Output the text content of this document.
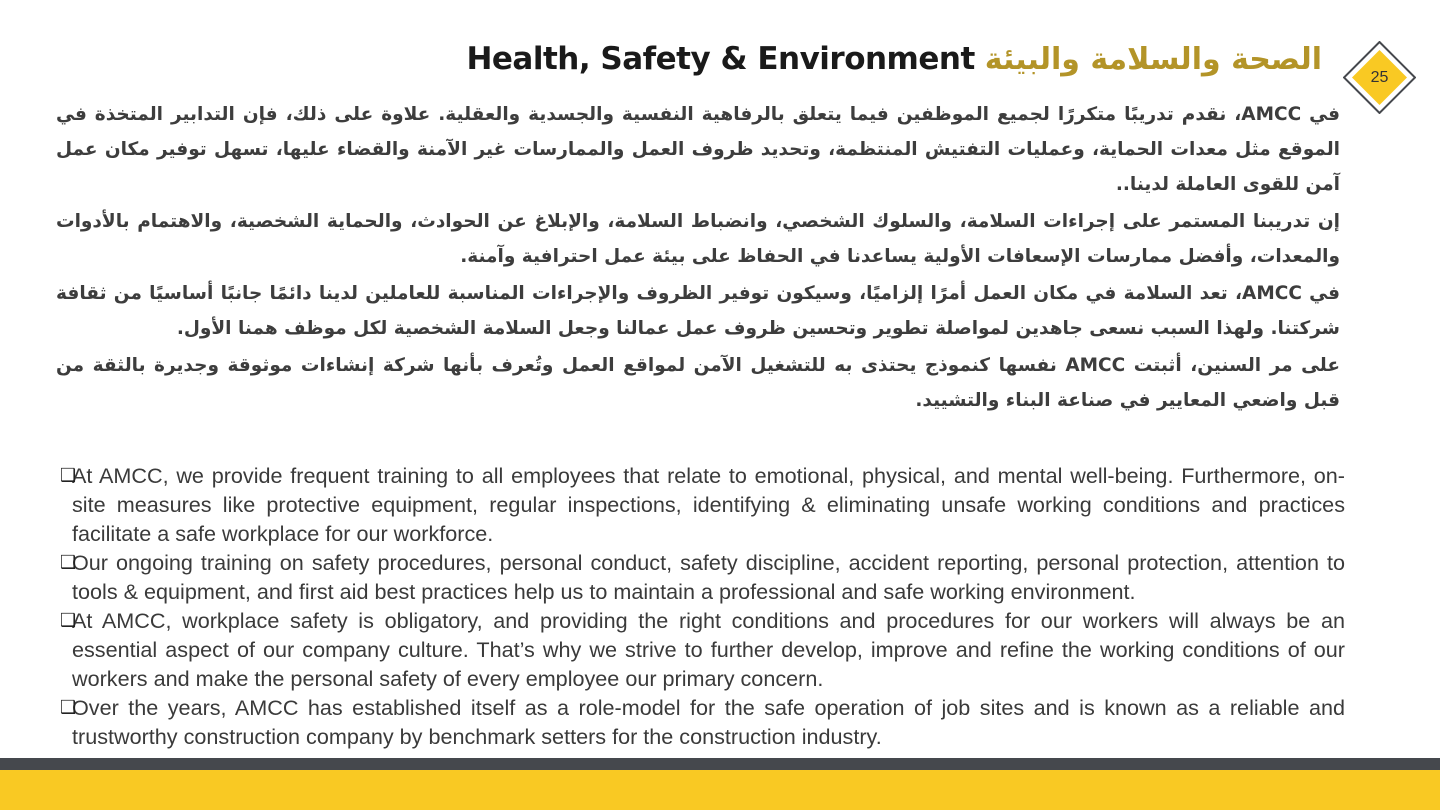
Health, Safety & Environment الصحة والسلامة والبيئة
25

في AMCC، نقدم تدريبًا متكررًا لجميع الموظفين فيما يتعلق بالرفاهية النفسية والجسدية والعقلية. علاوة على ذلك، فإن التدابير المتخذة في الموقع مثل معدات الحماية، وعمليات التفتيش المنتظمة، وتحديد ظروف العمل والممارسات غير الآمنة والقضاء عليها، تسهل توفير مكان عمل آمن للقوى العاملة لدينا..

إن تدريبنا المستمر على إجراءات السلامة، والسلوك الشخصي، وانضباط السلامة، والإبلاغ عن الحوادث، والحماية الشخصية، والاهتمام بالأدوات والمعدات، وأفضل ممارسات الإسعافات الأولية يساعدنا في الحفاظ على بيئة عمل احترافية وآمنة.

في AMCC، تعد السلامة في مكان العمل أمرًا إلزاميًا، وسيكون توفير الظروف والإجراءات المناسبة للعاملين لدينا دائمًا جانبًا أساسيًا من ثقافة شركتنا. ولهذا السبب نسعى جاهدين لمواصلة تطوير وتحسين ظروف عمل عمالنا وجعل السلامة الشخصية لكل موظف همنا الأول.

على مر السنين، أثبتت AMCC نفسها كنموذج يحتذى به للتشغيل الآمن لمواقع العمل وتُعرف بأنها شركة إنشاءات موثوقة وجديرة بالثقة من قبل واضعي المعايير في صناعة البناء والتشييد.

❑
At AMCC, we provide frequent training to all employees that relate to emotional, physical, and mental well-being. Furthermore, on-site measures like protective equipment, regular inspections, identifying & eliminating unsafe working conditions and practices facilitate a safe workplace for our workforce.

❑
Our ongoing training on safety procedures, personal conduct, safety discipline, accident reporting, personal protection, attention to tools & equipment, and first aid best practices help us to maintain a professional and safe working environment.

❑
At AMCC, workplace safety is obligatory, and providing the right conditions and procedures for our workers will always be an essential aspect of our company culture. That’s why we strive to further develop, improve and refine the working conditions of our workers and make the personal safety of every employee our primary concern.

❑
Over the years, AMCC has established itself as a role-model for the safe operation of job sites and is known as a reliable and trustworthy construction company by benchmark setters for the construction industry.
